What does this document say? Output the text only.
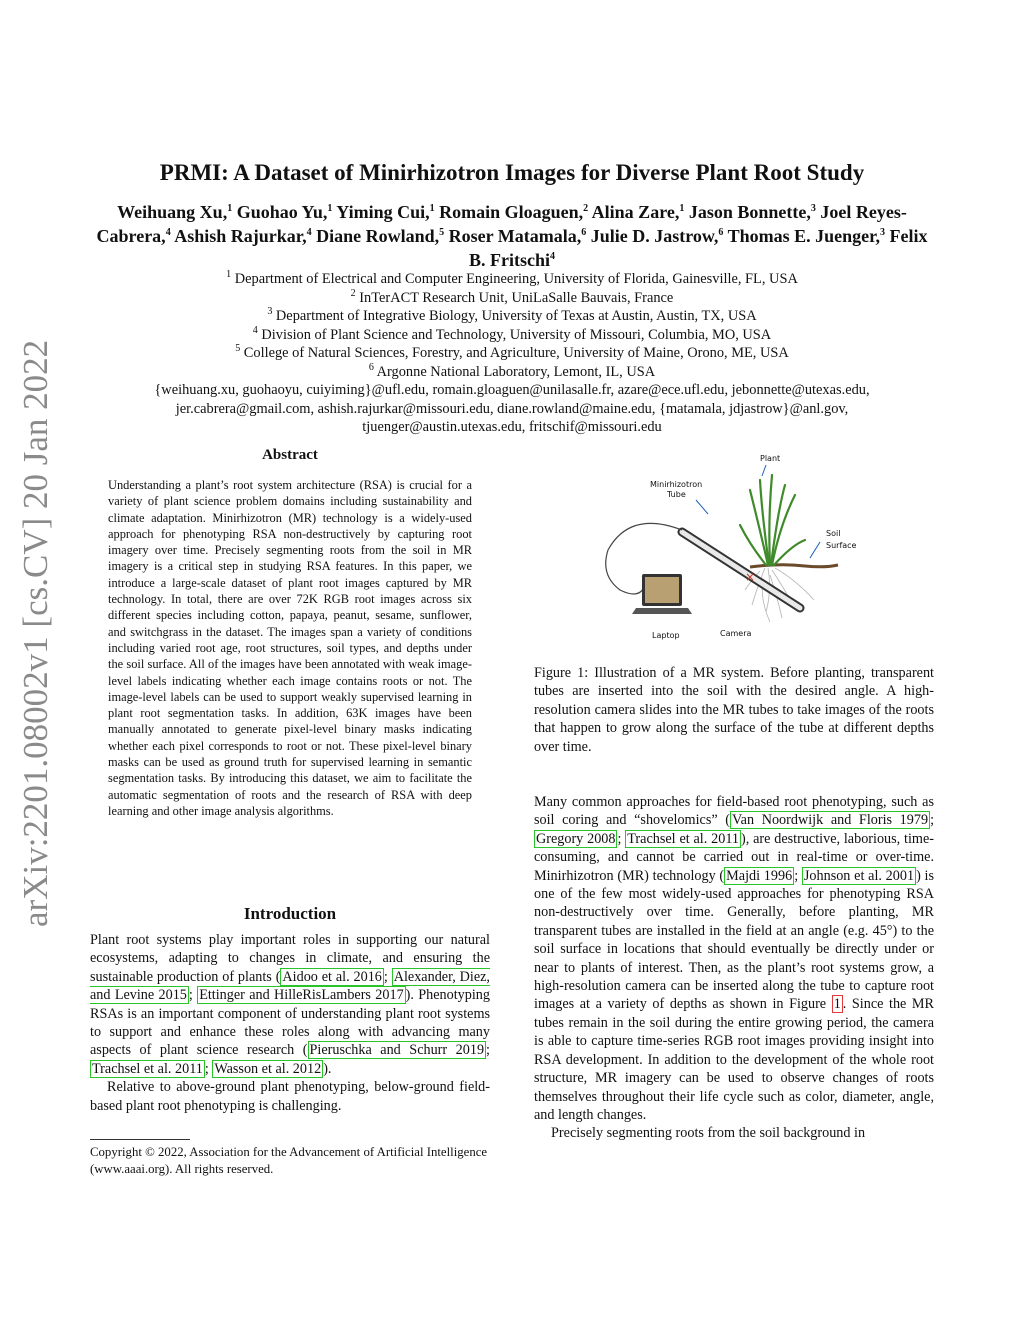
arXiv:2201.08002v1 [cs.CV] 20 Jan 2022
PRMI: A Dataset of Minirhizotron Images for Diverse Plant Root Study
Weihuang Xu,$^1$ Guohao Yu,$^1$ Yiming Cui,$^1$ Romain Gloaguen,$^2$ Alina Zare,$^1$ Jason Bonnette,$^3$ Joel Reyes-Cabrera,$^4$ Ashish Rajurkar,$^4$ Diane Rowland,$^5$ Roser Matamala,$^6$ Julie D. Jastrow,$^6$ Thomas E. Juenger,$^3$ Felix B. Fritschi$^4$
$^1$ Department of Electrical and Computer Engineering, University of Florida, Gainesville, FL, USA
$^2$ InTerACT Research Unit, UniLaSalle Bauvais, France
$^3$ Department of Integrative Biology, University of Texas at Austin, Austin, TX, USA
$^4$ Division of Plant Science and Technology, University of Missouri, Columbia, MO, USA
$^5$ College of Natural Sciences, Forestry, and Agriculture, University of Maine, Orono, ME, USA
$^6$ Argonne National Laboratory, Lemont, IL, USA
{weihuang.xu, guohaoyu, cuiyiming}@ufl.edu, romain.gloaguen@unilasalle.fr, azare@ece.ufl.edu, jebonnette@utexas.edu,
jer.cabrera@gmail.com, ashish.rajurkar@missouri.edu, diane.rowland@maine.edu, {matamala, jdjastrow}@anl.gov,
tjuenger@austin.utexas.edu, fritschif@missouri.edu
Abstract
Understanding a plant’s root system architecture (RSA) is crucial for a variety of plant science problem domains including sustainability and climate adaptation. Minirhizotron (MR) technology is a widely-used approach for phenotyping RSA non-destructively by capturing root imagery over time. Precisely segmenting roots from the soil in MR imagery is a critical step in studying RSA features. In this paper, we introduce a large-scale dataset of plant root images captured by MR technology. In total, there are over 72K RGB root images across six different species including cotton, papaya, peanut, sesame, sunflower, and switchgrass in the dataset. The images span a variety of conditions including varied root age, root structures, soil types, and depths under the soil surface. All of the images have been annotated with weak image-level labels indicating whether each image contains roots or not. The image-level labels can be used to support weakly supervised learning in plant root segmentation tasks. In addition, 63K images have been manually annotated to generate pixel-level binary masks indicating whether each pixel corresponds to root or not. These pixel-level binary masks can be used as ground truth for supervised learning in semantic segmentation tasks. By introducing this dataset, we aim to facilitate the automatic segmentation of roots and the research of RSA with deep learning and other image analysis algorithms.
Introduction

Plant root systems play important roles in supporting our natural ecosystems, adapting to changes in climate, and ensuring the sustainable production of plants ( Aidoo et al. 2016 ; Alexander, Diez, and Levine 2015 ; Ettinger and HilleRisLambers 2017 ). Phenotyping RSAs is an important component of understanding plant root systems to support and enhance these roles along with advancing many aspects of plant science research ( Pieruschka and Schurr 2019 ; Trachsel et al. 2011 ; Wasson et al. 2012 ).

Relative to above-ground plant phenotyping, below-ground field-based plant root phenotyping is challenging.

Copyright © 2022, Association for the Advancement of Artificial Intelligence (www.aaai.org). All rights reserved.
×
Plant
Minirhizotron
Tube
Soil
Surface
Laptop	Camera
Figure 1: Illustration of a MR system. Before planting, transparent tubes are inserted into the soil with the desired angle. A high-resolution camera slides into the MR tubes to take images of the roots that happen to grow along the surface of the tube at different depths over time.

Many common approaches for field-based root phenotyping, such as soil coring and “shovelomics” ( Van Noordwijk and Floris 1979 ; Gregory 2008 ; Trachsel et al. 2011 ), are destructive, laborious, time-consuming, and cannot be carried out in real-time or over-time. Minirhizotron (MR) technology ( Majdi 1996 ; Johnson et al. 2001 ) is one of the few most widely-used approaches for phenotyping RSA non-destructively over time. Generally, before planting, MR transparent tubes are installed in the field at an angle (e.g. 45°) to the soil surface in locations that should eventually be directly under or near to plants of interest. Then, as the plant’s root systems grow, a high-resolution camera can be inserted along the tube to capture root images at a variety of depths as shown in Figure 1 . Since the MR tubes remain in the soil during the entire growing period, the camera is able to capture time-series RGB root images providing insight into RSA development. In addition to the development of the whole root structure, MR imagery can be used to observe changes of roots themselves throughout their life cycle such as color, diameter, angle, and length changes.

Precisely segmenting roots from the soil background in
